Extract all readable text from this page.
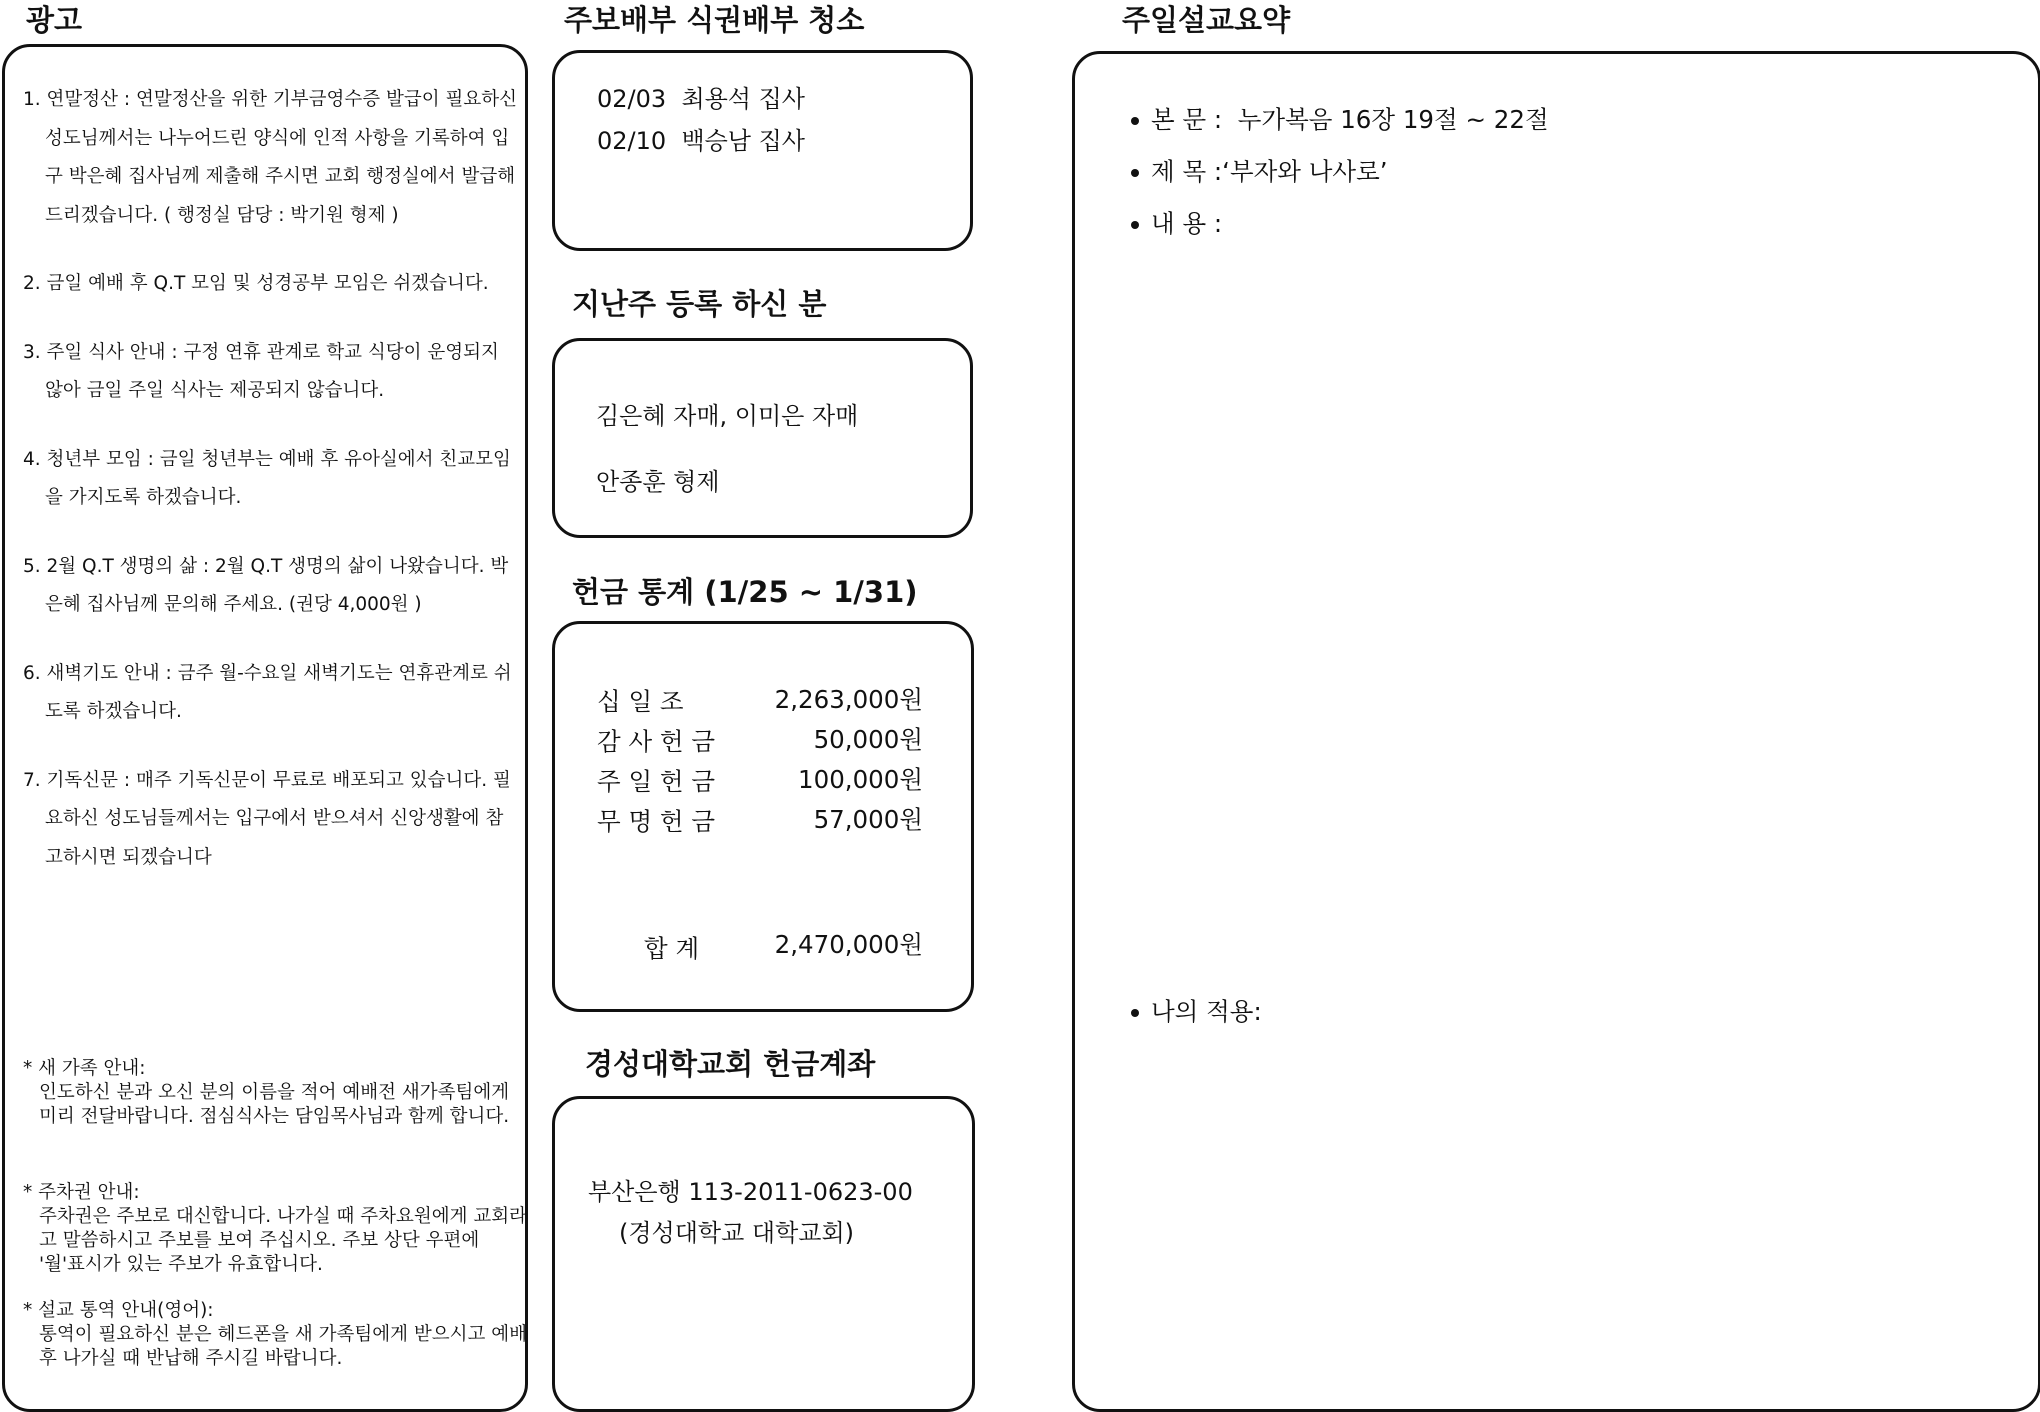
광고
1. 연말정산 : 연말정산을 위한 기부금영수증 발급이 필요하신 성도님께서는 나누어드린 양식에 인적 사항을 기록하여 입구 박은혜 집사님께 제출해 주시면 교회 행정실에서 발급해 드리겠습니다. ( 행정실 담당 : 박기원 형제 )
2. 금일 예배 후 Q.T 모임 및 성경공부 모임은 쉬겠습니다.
3. 주일 식사 안내 : 구정 연휴 관계로 학교 식당이 운영되지 않아 금일 주일 식사는 제공되지 않습니다.
4. 청년부 모임 : 금일 청년부는 예배 후 유아실에서 친교모임을 가지도록 하겠습니다.
5. 2월 Q.T 생명의 삶 : 2월 Q.T 생명의 삶이 나왔습니다. 박은혜 집사님께 문의해 주세요. (권당 4,000원 )
6. 새벽기도 안내 : 금주 월-수요일 새벽기도는 연휴관계로 쉬도록 하겠습니다.
7. 기독신문 : 매주 기독신문이 무료로 배포되고 있습니다. 필요하신 성도님들께서는 입구에서 받으셔서 신앙생활에 참고하시면 되겠습니다
* 새 가족 안내:
인도하신 분과 오신 분의 이름을 적어 예배전 새가족팀에게 미리 전달바랍니다. 점심식사는 담임목사님과 함께 합니다.
* 주차권 안내:
주차권은 주보로 대신합니다. 나가실 때 주차요원에게 교회라고 말씀하시고 주보를 보여 주십시오. 주보 상단 우편에 '월'표시가 있는 주보가 유효합니다.
* 설교 통역 안내(영어):
통역이 필요하신 분은 헤드폰을 새 가족팀에게 받으시고 예배 후 나가실 때 반납해 주시길 바랍니다.
주보배부 식권배부 청소
02/03 최용석 집사
02/10 백승남 집사
지난주 등록 하신 분
김은혜 자매, 이미은 자매
안종훈 형제
헌금 통계 (1/25 ~ 1/31)
십 일 조	2,263,000원
감 사 헌 금	50,000원
주 일 헌 금	100,000원
무 명 헌 금	57,000원
합 계	2,470,000원
경성대학교회 헌금계좌
부산은행 113-2011-0623-00
(경성대학교 대학교회)
주일설교요약
본 문 : 누가복음 16장 19절 ~ 22절
제 목 :‘부자와 나사로’
내 용 :
나의 적용:
